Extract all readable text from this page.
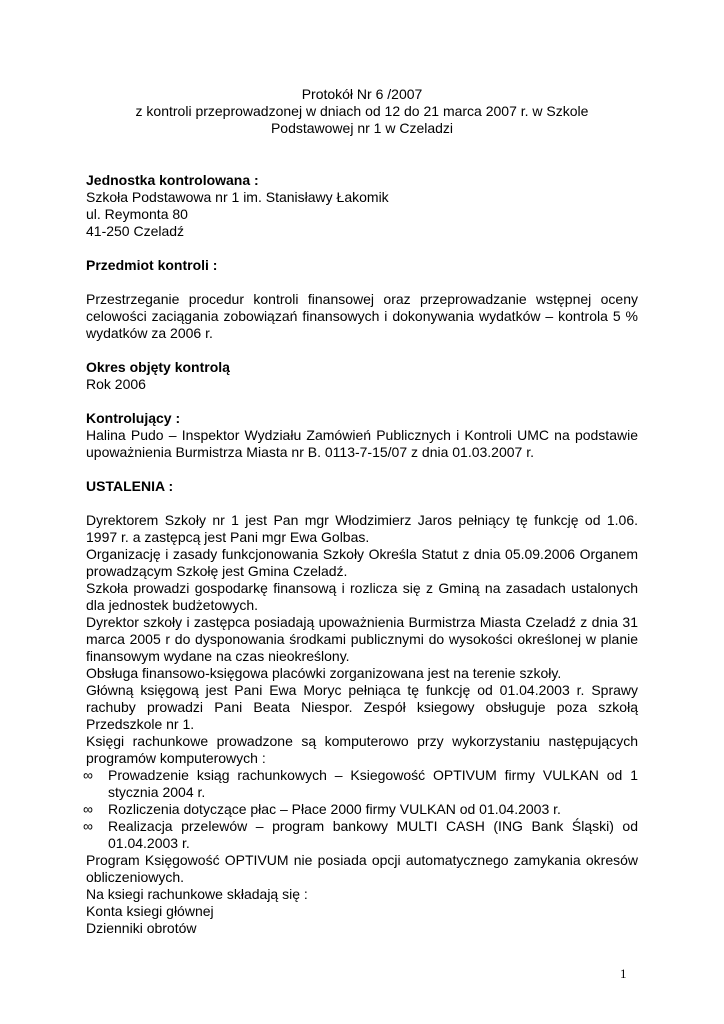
Protokół Nr 6 /2007

z kontroli przeprowadzonej w dniach od 12 do 21 marca 2007 r. w Szkole

Podstawowej nr 1 w Czeladzi

Jednostka kontrolowana :

Szkoła Podstawowa nr 1 im. Stanisławy Łakomik

ul. Reymonta 80

41-250 Czeladź

Przedmiot kontroli :

Przestrzeganie procedur kontroli finansowej oraz przeprowadzanie wstępnej oceny celowości zaciągania zobowiązań finansowych i dokonywania wydatków – kontrola 5 % wydatków za 2006 r.

Okres objęty kontrolą

Rok 2006

Kontrolujący :

Halina Pudo – Inspektor Wydziału Zamówień Publicznych i Kontroli UMC na podstawie upoważnienia Burmistrza Miasta nr B. 0113-7-15/07 z dnia 01.03.2007 r.

USTALENIA :

Dyrektorem Szkoły nr 1 jest Pan mgr Włodzimierz Jaros pełniący tę funkcję od 1.06. 1997 r. a zastępcą jest Pani mgr Ewa Golbas.

Organizację i zasady funkcjonowania Szkoły Określa Statut z dnia 05.09.2006 Organem prowadzącym Szkołę jest Gmina Czeladź.

Szkoła prowadzi gospodarkę finansową i rozlicza się z Gminą na zasadach ustalonych dla jednostek budżetowych.

Dyrektor szkoły i zastępca posiadają upoważnienia Burmistrza Miasta Czeladź z dnia 31 marca 2005 r do dysponowania środkami publicznymi do wysokości określonej w planie finansowym wydane na czas nieokreślony.

Obsługa finansowo-księgowa placówki zorganizowana jest na terenie szkoły.

Główną księgową jest Pani Ewa Moryc pełniąca tę funkcję od 01.04.2003 r. Sprawy rachuby prowadzi Pani Beata Niespor. Zespół ksiegowy obsługuje poza szkołą Przedszkole nr 1.

Księgi rachunkowe prowadzone są komputerowo przy wykorzystaniu następujących programów komputerowych :

∞	Prowadzenie ksiąg rachunkowych – Ksiegowość OPTIVUM firmy VULKAN od 1 stycznia 2004 r.
∞	Rozliczenia dotyczące płac – Płace 2000 firmy VULKAN od 01.04.2003 r.
∞	Realizacja przelewów – program bankowy MULTI CASH (ING Bank Śląski) od 01.04.2003 r.

Program Księgowość OPTIVUM nie posiada opcji automatycznego zamykania okresów obliczeniowych.

Na ksiegi rachunkowe składają się :

Konta ksiegi głównej

Dzienniki obrotów

1
